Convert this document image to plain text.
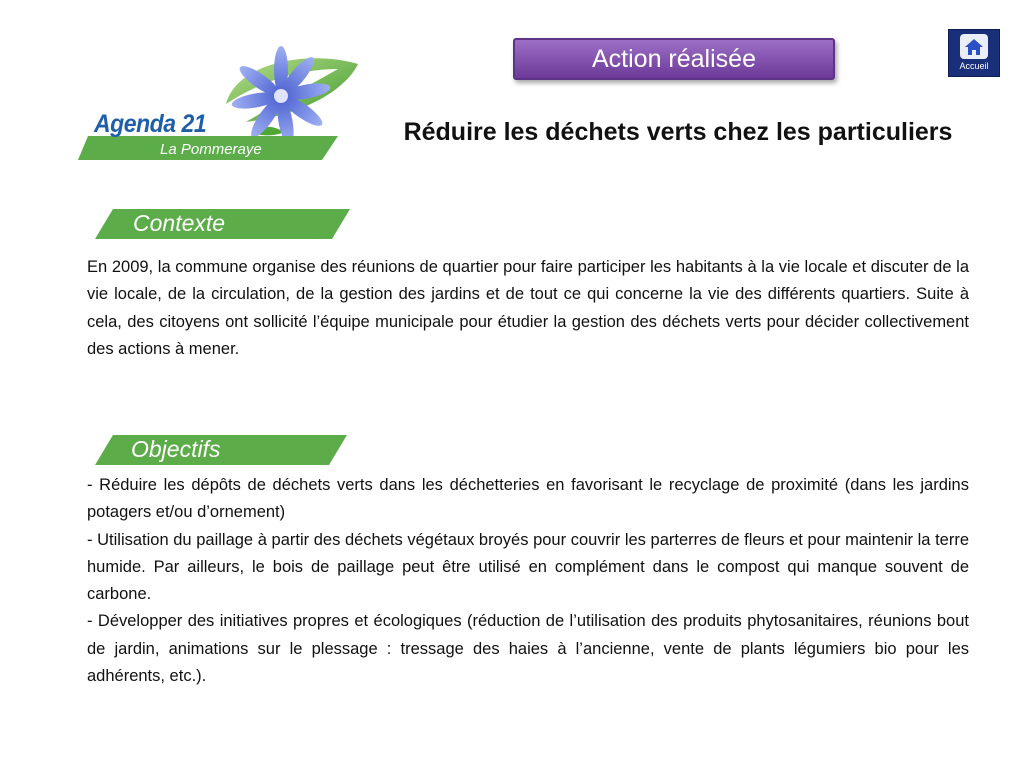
Agenda 21
La Pommeraye
Action réalisée	Accueil
Réduire les déchets verts chez les particuliers
Contexte

En 2009, la commune organise des réunions de quartier pour faire participer les habitants à la vie locale et discuter de la vie locale, de la circulation, de la gestion des jardins et de tout ce qui concerne la vie des différents quartiers. Suite à cela, des citoyens ont sollicité l’équipe municipale pour étudier la gestion des déchets verts pour décider collectivement des actions à mener.

Objectifs

- Réduire les dépôts de déchets verts dans les déchetteries en favorisant le recyclage de proximité (dans les jardins potagers et/ou d’ornement)

- Utilisation du paillage à partir des déchets végétaux broyés pour couvrir les parterres de fleurs et pour maintenir la terre humide. Par ailleurs, le bois de paillage peut être utilisé en complément dans le compost qui manque souvent de carbone.

- Développer des initiatives propres et écologiques (réduction de l’utilisation des produits phytosanitaires, réunions bout de jardin, animations sur le plessage : tressage des haies à l’ancienne, vente de plants légumiers bio pour les adhérents, etc.).
